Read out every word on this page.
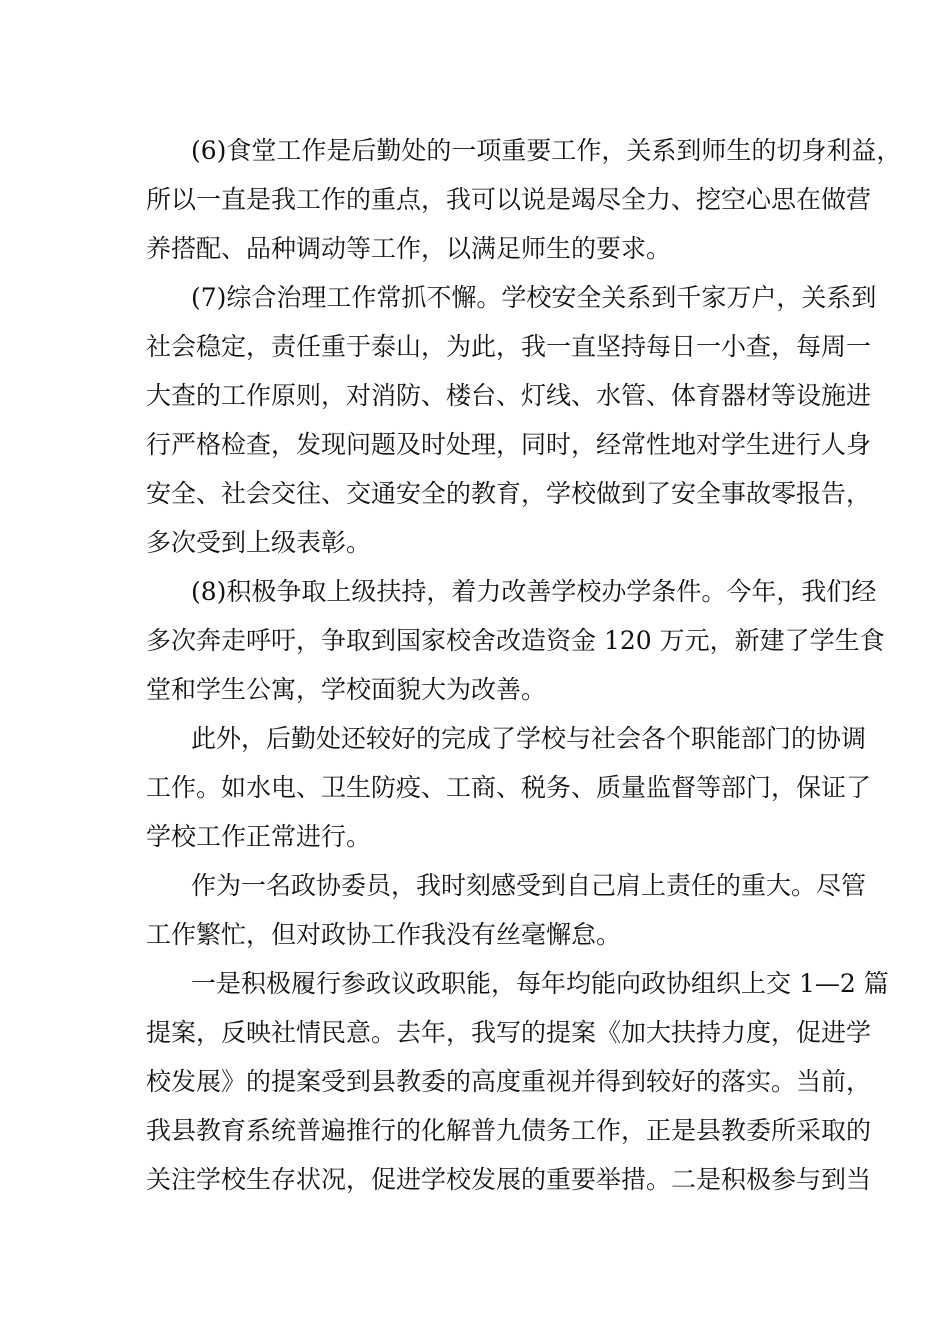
(6)食堂工作是后勤处的一项重要工作，关系到师生的切身利益，
所以一直是我工作的重点，我可以说是竭尽全力、挖空心思在做营
养搭配、品种调动等工作，以满足师生的要求。
(7)综合治理工作常抓不懈。学校安全关系到千家万户，关系到
社会稳定，责任重于泰山，为此，我一直坚持每日一小查，每周一
大查的工作原则，对消防、楼台、灯线、水管、体育器材等设施进
行严格检查，发现问题及时处理，同时，经常性地对学生进行人身
安全、社会交往、交通安全的教育，学校做到了安全事故零报告，
多次受到上级表彰。
(8)积极争取上级扶持，着力改善学校办学条件。今年，我们经
多次奔走呼吁，争取到国家校舍改造资金 120 万元，新建了学生食
堂和学生公寓，学校面貌大为改善。
此外，后勤处还较好的完成了学校与社会各个职能部门的协调
工作。如水电、卫生防疫、工商、税务、质量监督等部门，保证了
学校工作正常进行。
作为一名政协委员，我时刻感受到自己肩上责任的重大。尽管
工作繁忙，但对政协工作我没有丝毫懈怠。
一是积极履行参政议政职能，每年均能向政协组织上交 1—2 篇
提案，反映社情民意。去年，我写的提案《加大扶持力度，促进学
校发展》的提案受到县教委的高度重视并得到较好的落实。当前，
我县教育系统普遍推行的化解普九债务工作，正是县教委所采取的
关注学校生存状况，促进学校发展的重要举措。二是积极参与到当
